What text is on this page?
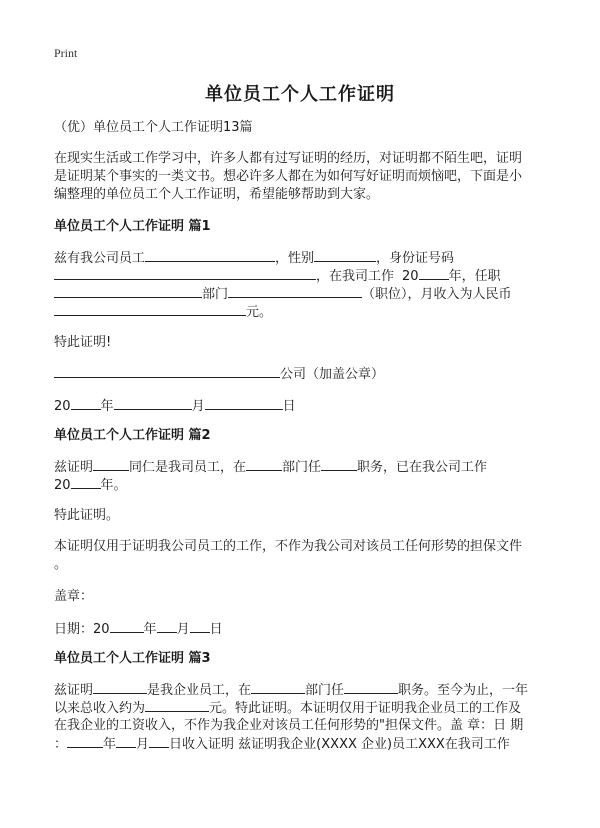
Print
单位员工个人工作证明
（优）单位员工个人工作证明13篇
在现实生活或工作学习中，许多人都有过写证明的经历，对证明都不陌生吧，证明
是证明某个事实的一类文书。想必许多人都在为如何写好证明而烦恼吧，下面是小
编整理的单位员工个人工作证明，希望能够帮助到大家。
单位员工个人工作证明 篇1
兹有我公司员工	，性别	，身份证号码
，在我司工作 20 年，任职
部门	（职位），月收入为人民币
元。
特此证明!
公司（加盖公章）
20 年	月	日
单位员工个人工作证明 篇2
兹证明	同仁是我司员工，在	部门任	职务，已在我公司工作
20 年。
特此证明。
本证明仅用于证明我公司员工的工作，不作为我公司对该员工任何形势的担保文件
。
盖章：
日期：20	年 月 日
单位员工个人工作证明 篇3
兹证明	是我企业员工，在	部门任	职务。至今为止，一年
以来总收入约为	元。特此证明。本证明仅用于证明我企业员工的工作及
在我企业的工资收入，不作为我企业对该员工任何形势的"担保文件。盖 章：日 期
：	年 月 日收入证明 兹证明我企业(XXXX 企业)员工XXX在我司工作
